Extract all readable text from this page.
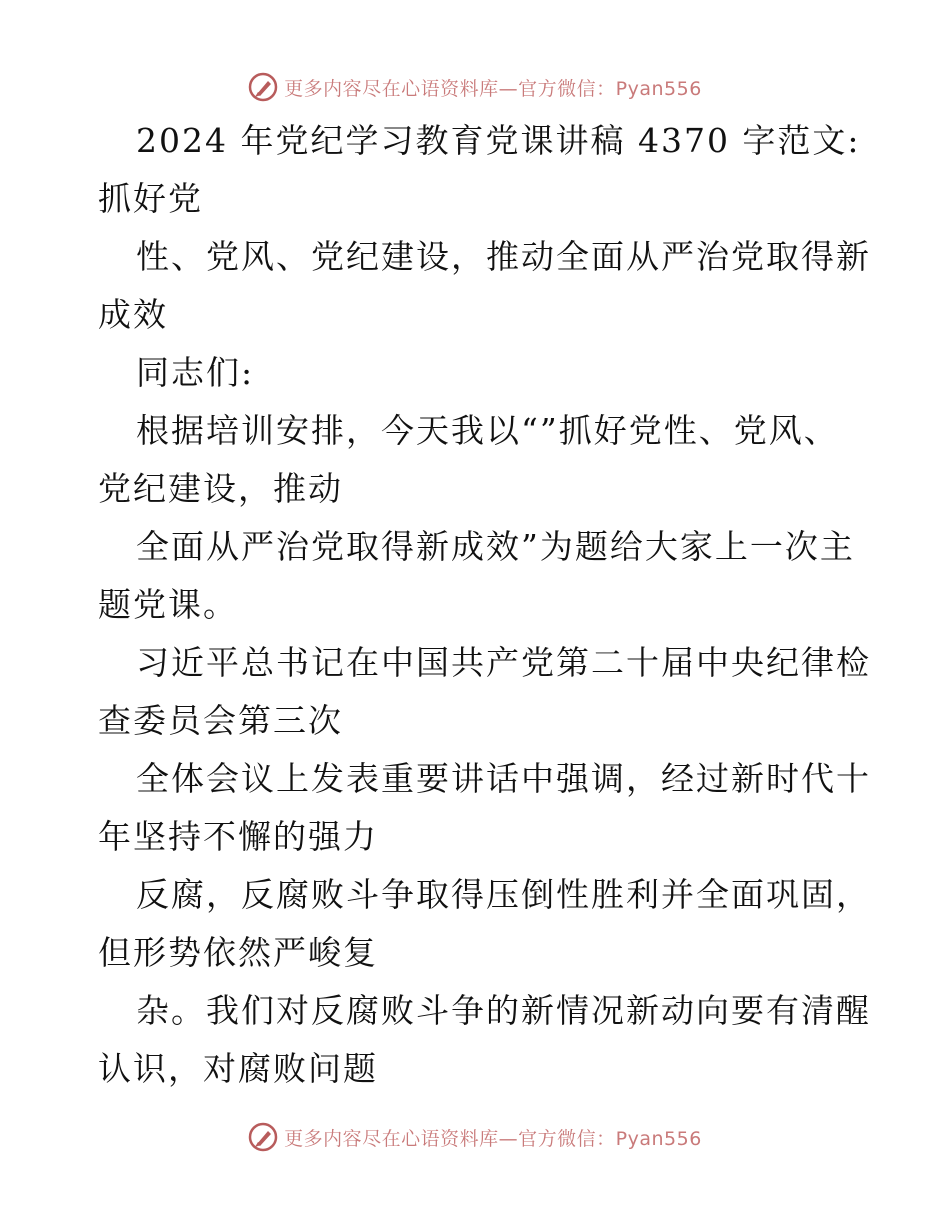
更多内容尽在心语资料库—官方微信：Pyan556
2024 年党纪学习教育党课讲稿 4370 字范文:
抓好党
性、党风、党纪建设，推动全面从严治党取得新
成效
同志们:
根据培训安排，今天我以“”抓好党性、党风、
党纪建设，推动
全面从严治党取得新成效”为题给大家上一次主
题党课。
习近平总书记在中国共产党第二十届中央纪律检
查委员会第三次
全体会议上发表重要讲话中强调，经过新时代十
年坚持不懈的强力
反腐，反腐败斗争取得压倒性胜利并全面巩固，
但形势依然严峻复
杂。我们对反腐败斗争的新情况新动向要有清醒
认识，对腐败问题
更多内容尽在心语资料库—官方微信：Pyan556
